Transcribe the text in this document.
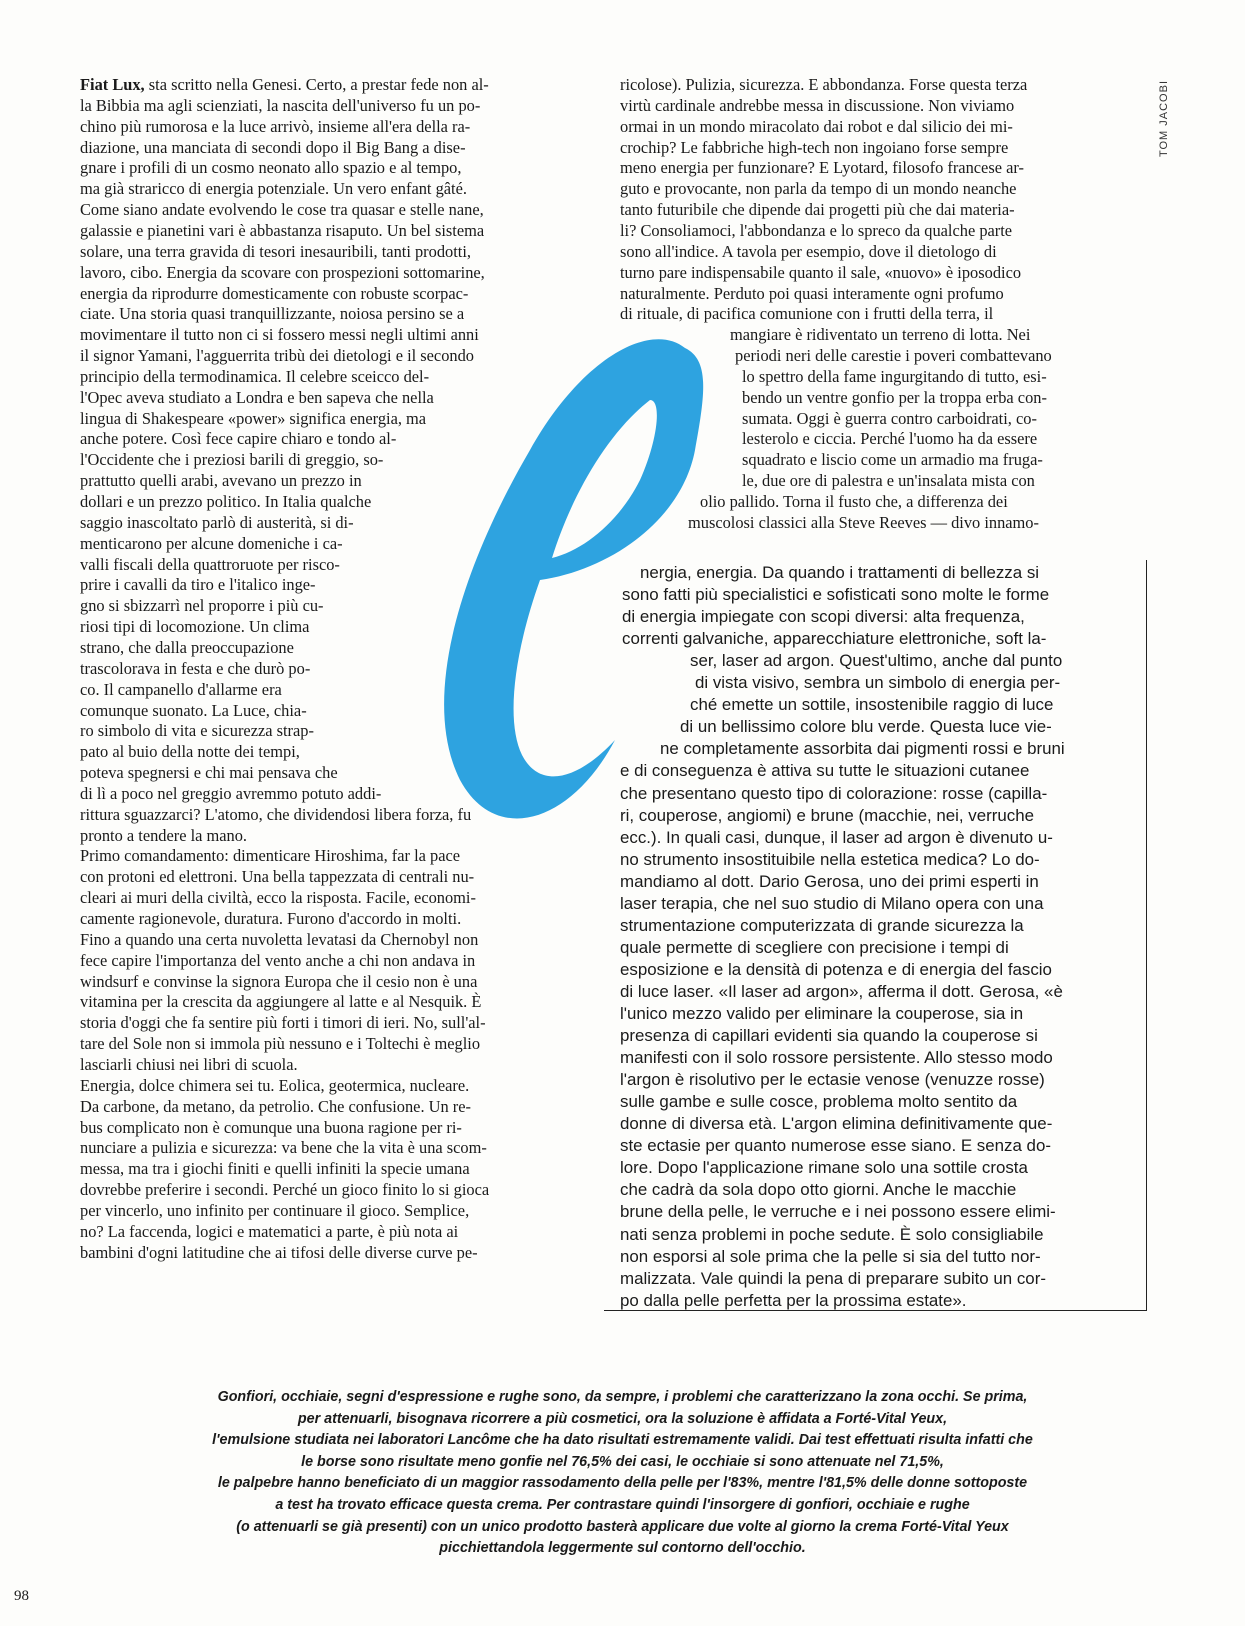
TOM JACOBI
Fiat Lux, sta scritto nella Genesi. Certo, a prestar fede non al-
la Bibbia ma agli scienziati, la nascita dell'universo fu un po-
chino più rumorosa e la luce arrivò, insieme all'era della ra-
diazione, una manciata di secondi dopo il Big Bang a dise-
gnare i profili di un cosmo neonato allo spazio e al tempo,
ma già straricco di energia potenziale. Un vero enfant gâté.
Come siano andate evolvendo le cose tra quasar e stelle nane,
galassie e pianetini vari è abbastanza risaputo. Un bel sistema
solare, una terra gravida di tesori inesauribili, tanti prodotti,
lavoro, cibo. Energia da scovare con prospezioni sottomarine,
energia da riprodurre domesticamente con robuste scorpac-
ciate. Una storia quasi tranquillizzante, noiosa persino se a
movimentare il tutto non ci si fossero messi negli ultimi anni
il signor Yamani, l'agguerrita tribù dei dietologi e il secondo
principio della termodinamica. Il celebre sceicco del-
l'Opec aveva studiato a Londra e ben sapeva che nella
lingua di Shakespeare «power» significa energia, ma
anche potere. Così fece capire chiaro e tondo al-
l'Occidente che i preziosi barili di greggio, so-
prattutto quelli arabi, avevano un prezzo in
dollari e un prezzo politico. In Italia qualche
saggio inascoltato parlò di austerità, si di-
menticarono per alcune domeniche i ca-
valli fiscali della quattroruote per risco-
prire i cavalli da tiro e l'italico inge-
gno si sbizzarrì nel proporre i più cu-
riosi tipi di locomozione. Un clima
strano, che dalla preoccupazione
trascolorava in festa e che durò po-
co. Il campanello d'allarme era
comunque suonato. La Luce, chia-
ro simbolo di vita e sicurezza strap-
pato al buio della notte dei tempi,
poteva spegnersi e chi mai pensava che
di lì a poco nel greggio avremmo potuto addi-
rittura sguazzarci? L'atomo, che dividendosi libera forza, fu
pronto a tendere la mano.
Primo comandamento: dimenticare Hiroshima, far la pace
con protoni ed elettroni. Una bella tappezzata di centrali nu-
cleari ai muri della civiltà, ecco la risposta. Facile, economi-
camente ragionevole, duratura. Furono d'accordo in molti.
Fino a quando una certa nuvoletta levatasi da Chernobyl non
fece capire l'importanza del vento anche a chi non andava in
windsurf e convinse la signora Europa che il cesio non è una
vitamina per la crescita da aggiungere al latte e al Nesquik. È
storia d'oggi che fa sentire più forti i timori di ieri. No, sull'al-
tare del Sole non si immola più nessuno e i Toltechi è meglio
lasciarli chiusi nei libri di scuola.
Energia, dolce chimera sei tu. Eolica, geotermica, nucleare.
Da carbone, da metano, da petrolio. Che confusione. Un re-
bus complicato non è comunque una buona ragione per ri-
nunciare a pulizia e sicurezza: va bene che la vita è una scom-
messa, ma tra i giochi finiti e quelli infiniti la specie umana
dovrebbe preferire i secondi. Perché un gioco finito lo si gioca
per vincerlo, uno infinito per continuare il gioco. Semplice,
no? La faccenda, logici e matematici a parte, è più nota ai
bambini d'ogni latitudine che ai tifosi delle diverse curve pe-
ricolose). Pulizia, sicurezza. E abbondanza. Forse questa terza
virtù cardinale andrebbe messa in discussione. Non viviamo
ormai in un mondo miracolato dai robot e dal silicio dei mi-
crochip? Le fabbriche high-tech non ingoiano forse sempre
meno energia per funzionare? E Lyotard, filosofo francese ar-
guto e provocante, non parla da tempo di un mondo neanche
tanto futuribile che dipende dai progetti più che dai materia-
li? Consoliamoci, l'abbondanza e lo spreco da qualche parte
sono all'indice. A tavola per esempio, dove il dietologo di
turno pare indispensabile quanto il sale, «nuovo» è iposodico
naturalmente. Perduto poi quasi interamente ogni profumo
di rituale, di pacifica comunione con i frutti della terra, il
mangiare è ridiventato un terreno di lotta. Nei
periodi neri delle carestie i poveri combattevano
lo spettro della fame ingurgitando di tutto, esi-
bendo un ventre gonfio per la troppa erba con-
sumata. Oggi è guerra contro carboidrati, co-
lesterolo e ciccia. Perché l'uomo ha da essere
squadrato e liscio come un armadio ma fruga-
le, due ore di palestra e un'insalata mista con
olio pallido. Torna il fusto che, a differenza dei
muscolosi classici alla Steve Reeves — divo innamo-
nergia, energia. Da quando i trattamenti di bellezza si
sono fatti più specialistici e sofisticati sono molte le forme
di energia impiegate con scopi diversi: alta frequenza,
correnti galvaniche, apparecchiature elettroniche, soft la-
ser, laser ad argon. Quest'ultimo, anche dal punto
di vista visivo, sembra un simbolo di energia per-
ché emette un sottile, insostenibile raggio di luce
di un bellissimo colore blu verde. Questa luce vie-
ne completamente assorbita dai pigmenti rossi e bruni
e di conseguenza è attiva su tutte le situazioni cutanee
che presentano questo tipo di colorazione: rosse (capilla-
ri, couperose, angiomi) e brune (macchie, nei, verruche
ecc.). In quali casi, dunque, il laser ad argon è divenuto u-
no strumento insostituibile nella estetica medica? Lo do-
mandiamo al dott. Dario Gerosa, uno dei primi esperti in
laser terapia, che nel suo studio di Milano opera con una
strumentazione computerizzata di grande sicurezza la
quale permette di scegliere con precisione i tempi di
esposizione e la densità di potenza e di energia del fascio
di luce laser. «Il laser ad argon», afferma il dott. Gerosa, «è
l'unico mezzo valido per eliminare la couperose, sia in
presenza di capillari evidenti sia quando la couperose si
manifesti con il solo rossore persistente. Allo stesso modo
l'argon è risolutivo per le ectasie venose (venuzze rosse)
sulle gambe e sulle cosce, problema molto sentito da
donne di diversa età. L'argon elimina definitivamente que-
ste ectasie per quanto numerose esse siano. E senza do-
lore. Dopo l'applicazione rimane solo una sottile crosta
che cadrà da sola dopo otto giorni. Anche le macchie
brune della pelle, le verruche e i nei possono essere elimi-
nati senza problemi in poche sedute. È solo consigliabile
non esporsi al sole prima che la pelle si sia del tutto nor-
malizzata. Vale quindi la pena di preparare subito un cor-
po dalla pelle perfetta per la prossima estate».
Gonfiori, occhiaie, segni d'espressione e rughe sono, da sempre, i problemi che caratterizzano la zona occhi. Se prima,
per attenuarli, bisognava ricorrere a più cosmetici, ora la soluzione è affidata a Forté-Vital Yeux,
l'emulsione studiata nei laboratori Lancôme che ha dato risultati estremamente validi. Dai test effettuati risulta infatti che
le borse sono risultate meno gonfie nel 76,5% dei casi, le occhiaie si sono attenuate nel 71,5%,
le palpebre hanno beneficiato di un maggior rassodamento della pelle per l'83%, mentre l'81,5% delle donne sottoposte
a test ha trovato efficace questa crema. Per contrastare quindi l'insorgere di gonfiori, occhiaie e rughe
(o attenuarli se già presenti) con un unico prodotto basterà applicare due volte al giorno la crema Forté-Vital Yeux
picchiettandola leggermente sul contorno dell'occhio.
98
